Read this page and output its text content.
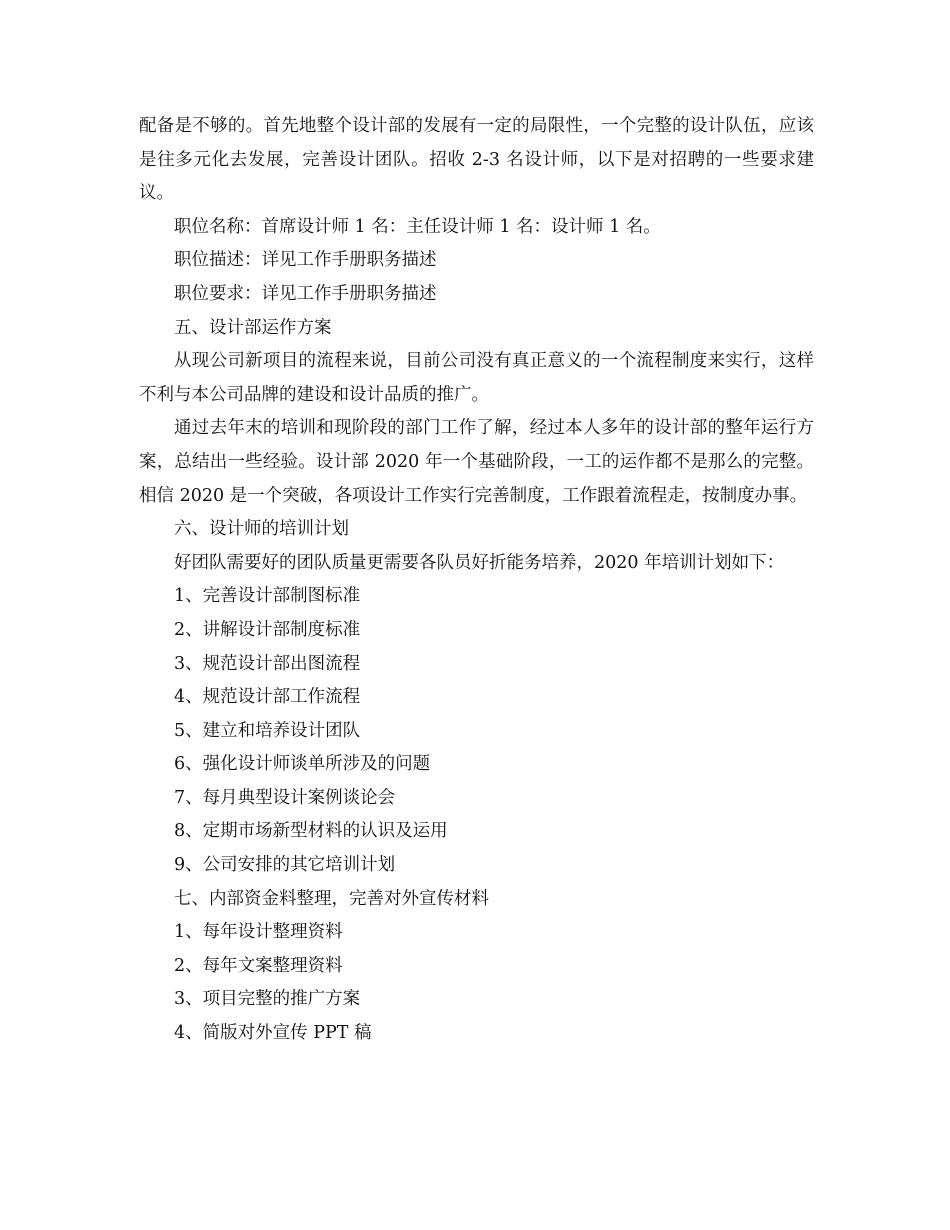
配备是不够的。首先地整个设计部的发展有一定的局限性，一个完整的设计队伍，应该是往多元化去发展，完善设计团队。招收 2-3 名设计师，以下是对招聘的一些要求建议。
职位名称：首席设计师 1 名：主任设计师 1 名：设计师 1 名。
职位描述：详见工作手册职务描述
职位要求：详见工作手册职务描述
五、设计部运作方案
从现公司新项目的流程来说，目前公司没有真正意义的一个流程制度来实行，这样不利与本公司品牌的建设和设计品质的推广。
通过去年末的培训和现阶段的部门工作了解，经过本人多年的设计部的整年运行方案，总结出一些经验。设计部 2020 年一个基础阶段，一工的运作都不是那么的完整。相信 2020 是一个突破，各项设计工作实行完善制度，工作跟着流程走，按制度办事。
六、设计师的培训计划
好团队需要好的团队质量更需要各队员好折能务培养，2020 年培训计划如下：
1、完善设计部制图标准
2、讲解设计部制度标准
3、规范设计部出图流程
4、规范设计部工作流程
5、建立和培养设计团队
6、强化设计师谈单所涉及的问题
7、每月典型设计案例谈论会
8、定期市场新型材料的认识及运用
9、公司安排的其它培训计划
七、内部资金料整理，完善对外宣传材料
1、每年设计整理资料
2、每年文案整理资料
3、项目完整的推广方案
4、简版对外宣传 PPT 稿
